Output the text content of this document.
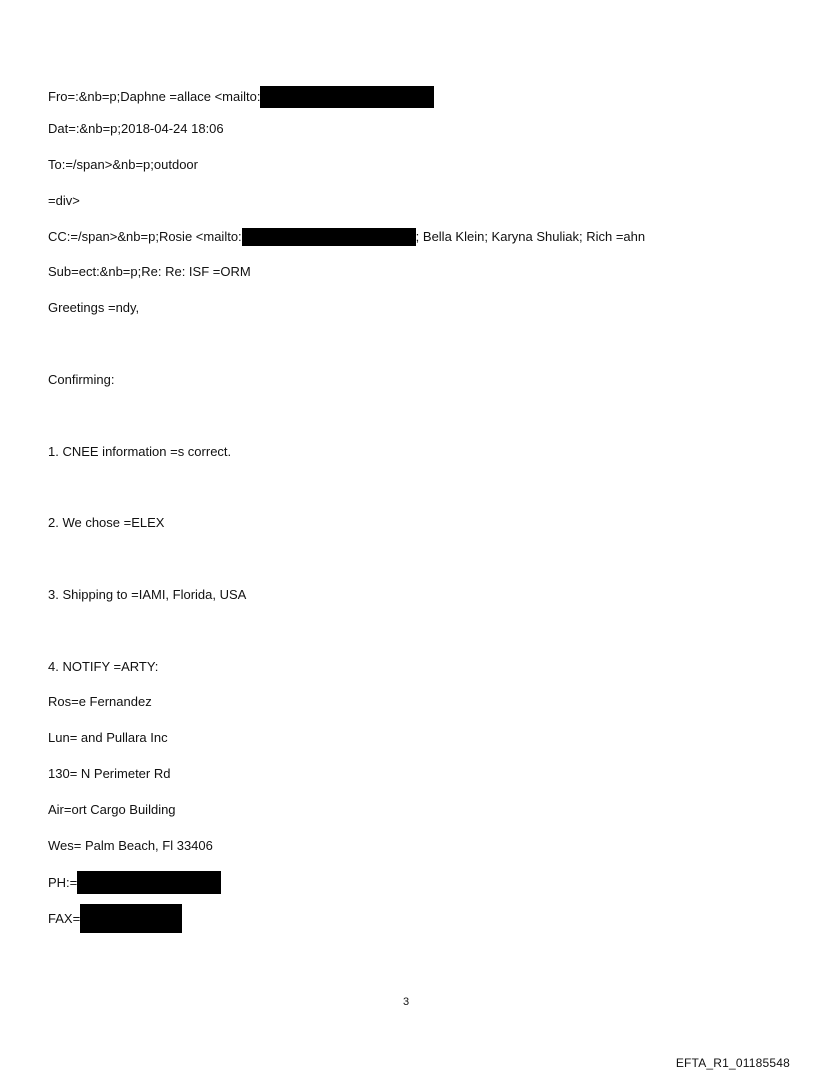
Fro=:&nb=p;Daphne =allace <mailto:
Dat=:&nb=p;2018-04-24 18:06
To:=/span>&nb=p;outdoor
=div>
CC:=/span>&nb=p;Rosie <mailto:	; Bella Klein; Karyna Shuliak; Rich =ahn
Sub=ect:&nb=p;Re: Re: ISF =ORM
Greetings =ndy,
Confirming:
1. CNEE information =s correct.
2. We chose =ELEX
3. Shipping to =IAMI, Florida, USA
4. NOTIFY =ARTY:
Ros=e Fernandez
Lun= and Pullara Inc
130= N Perimeter Rd
Air=ort Cargo Building
Wes= Palm Beach, Fl 33406
PH:=
FAX=
3
EFTA_R1_01185548
